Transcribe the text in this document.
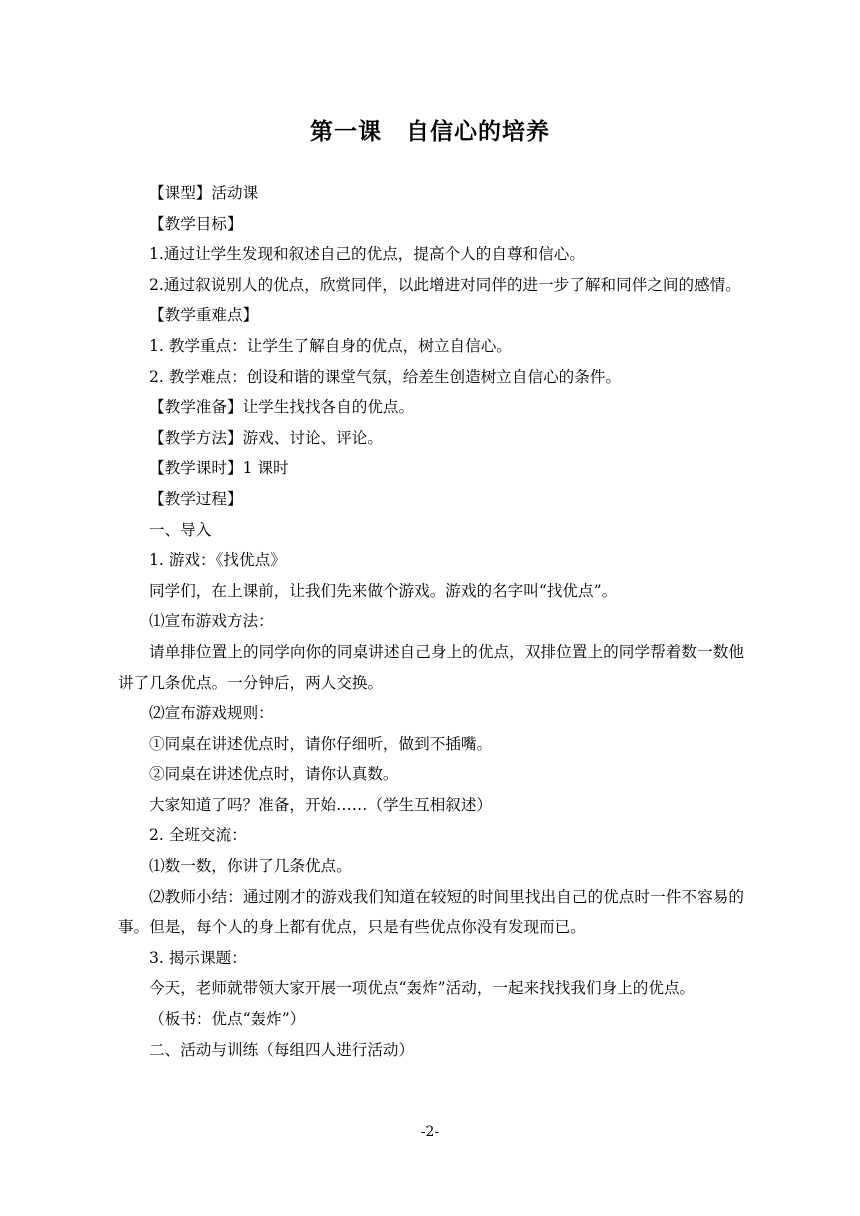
第一课　自信心的培养

【课型】活动课

【教学目标】

1.通过让学生发现和叙述自己的优点，提高个人的自尊和信心。

2.通过叙说别人的优点，欣赏同伴，以此增进对同伴的进一步了解和同伴之间的感情。

【教学重难点】

1. 教学重点：让学生了解自身的优点，树立自信心。

2. 教学难点：创设和谐的课堂气氛，给差生创造树立自信心的条件。

【教学准备】让学生找找各自的优点。

【教学方法】游戏、讨论、评论。

【教学课时】1 课时

【教学过程】

一、导入

1. 游戏：《找优点》

同学们，在上课前，让我们先来做个游戏。游戏的名字叫“找优点”。

⑴宣布游戏方法：

请单排位置上的同学向你的同桌讲述自己身上的优点，双排位置上的同学帮着数一数他讲了几条优点。一分钟后，两人交换。

⑵宣布游戏规则：

①同桌在讲述优点时，请你仔细听，做到不插嘴。

②同桌在讲述优点时，请你认真数。

大家知道了吗？准备，开始……（学生互相叙述）

2. 全班交流：

⑴数一数，你讲了几条优点。

⑵教师小结：通过刚才的游戏我们知道在较短的时间里找出自己的优点时一件不容易的事。但是，每个人的身上都有优点，只是有些优点你没有发现而已。

3. 揭示课题：

今天，老师就带领大家开展一项优点“轰炸”活动，一起来找找我们身上的优点。

（板书：优点“轰炸”）

二、活动与训练（每组四人进行活动）

-2-
